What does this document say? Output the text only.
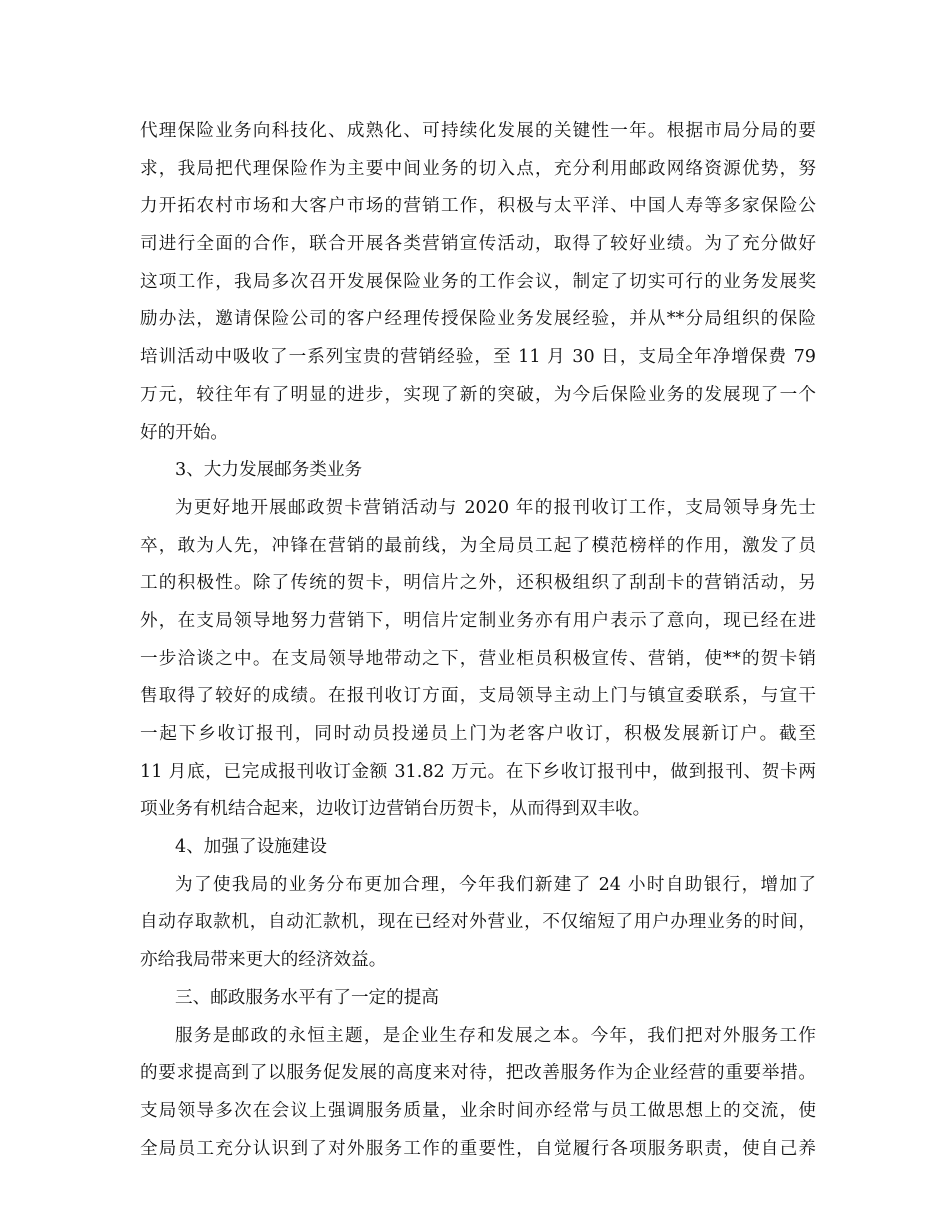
代理保险业务向科技化、成熟化、可持续化发展的关键性一年。根据市局分局的要
求，我局把代理保险作为主要中间业务的切入点，充分利用邮政网络资源优势，努
力开拓农村市场和大客户市场的营销工作，积极与太平洋、中国人寿等多家保险公
司进行全面的合作，联合开展各类营销宣传活动，取得了较好业绩。为了充分做好
这项工作，我局多次召开发展保险业务的工作会议，制定了切实可行的业务发展奖
励办法，邀请保险公司的客户经理传授保险业务发展经验，并从**分局组织的保险
培训活动中吸收了一系列宝贵的营销经验，至 11 月 30 日，支局全年净增保费 79
万元，较往年有了明显的进步，实现了新的突破，为今后保险业务的发展现了一个
好的开始。
3、大力发展邮务类业务
为更好地开展邮政贺卡营销活动与 2020 年的报刊收订工作，支局领导身先士
卒，敢为人先，冲锋在营销的最前线，为全局员工起了模范榜样的作用，激发了员
工的积极性。除了传统的贺卡，明信片之外，还积极组织了刮刮卡的营销活动，另
外，在支局领导地努力营销下，明信片定制业务亦有用户表示了意向，现已经在进
一步洽谈之中。在支局领导地带动之下，营业柜员积极宣传、营销，使**的贺卡销
售取得了较好的成绩。在报刊收订方面，支局领导主动上门与镇宣委联系，与宣干
一起下乡收订报刊，同时动员投递员上门为老客户收订，积极发展新订户。截至
11 月底，已完成报刊收订金额 31.82 万元。在下乡收订报刊中，做到报刊、贺卡两
项业务有机结合起来，边收订边营销台历贺卡，从而得到双丰收。
4、加强了设施建设
为了使我局的业务分布更加合理，今年我们新建了 24 小时自助银行，增加了
自动存取款机，自动汇款机，现在已经对外营业，不仅缩短了用户办理业务的时间，
亦给我局带来更大的经济效益。
三、邮政服务水平有了一定的提高
服务是邮政的永恒主题，是企业生存和发展之本。今年，我们把对外服务工作
的要求提高到了以服务促发展的高度来对待，把改善服务作为企业经营的重要举措。
支局领导多次在会议上强调服务质量，业余时间亦经常与员工做思想上的交流，使
全局员工充分认识到了对外服务工作的重要性，自觉履行各项服务职责，使自己养
